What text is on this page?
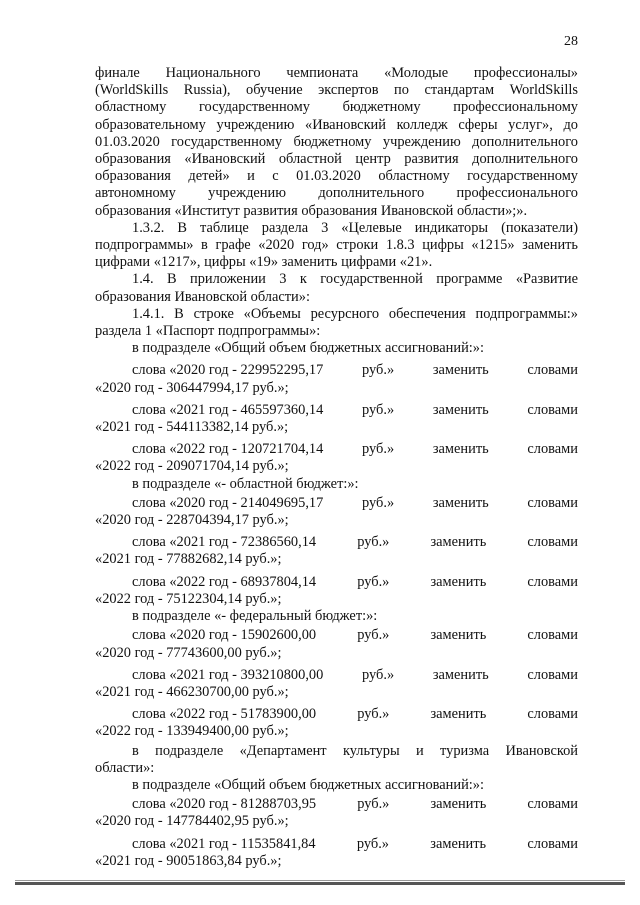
28
финале Национального чемпионата «Молодые профессионалы»
(WorldSkills Russia), обучение экспертов по стандартам WorldSkills
областному государственному бюджетному профессиональному
образовательному учреждению «Ивановский колледж сферы услуг», до
01.03.2020 государственному бюджетному учреждению дополнительного
образования «Ивановский областной центр развития дополнительного
образования детей» и с 01.03.2020 областному государственному
автономному учреждению дополнительного профессионального
образования «Институт развития образования Ивановской области»;».
1.3.2. В таблице раздела 3 «Целевые индикаторы (показатели)
подпрограммы» в графе «2020 год» строки 1.8.3 цифры «1215» заменить
цифрами «1217», цифры «19» заменить цифрами «21».
1.4. В приложении 3 к государственной программе «Развитие
образования Ивановской области»:
1.4.1. В строке «Объемы ресурсного обеспечения подпрограммы:»
раздела 1 «Паспорт подпрограммы»:
в подразделе «Общий объем бюджетных ассигнований:»:
слова «2020 год - 229952295,17	руб.»	заменить	словами
«2020 год - 306447994,17 руб.»;
слова «2021 год - 465597360,14	руб.»	заменить	словами
«2021 год - 544113382,14 руб.»;
слова «2022 год - 120721704,14	руб.»	заменить	словами
«2022 год - 209071704,14 руб.»;
в подразделе «- областной бюджет:»:
слова «2020 год - 214049695,17	руб.»	заменить	словами
«2020 год - 228704394,17 руб.»;
слова «2021 год - 72386560,14	руб.»	заменить	словами
«2021 год - 77882682,14 руб.»;
слова «2022 год - 68937804,14	руб.»	заменить	словами
«2022 год - 75122304,14 руб.»;
в подразделе «- федеральный бюджет:»:
слова «2020 год - 15902600,00	руб.»	заменить	словами
«2020 год - 77743600,00 руб.»;
слова «2021 год - 393210800,00	руб.»	заменить	словами
«2021 год - 466230700,00 руб.»;
слова «2022 год - 51783900,00	руб.»	заменить	словами
«2022 год - 133949400,00 руб.»;
в подразделе «Департамент культуры и туризма Ивановской
области»:
в подразделе «Общий объем бюджетных ассигнований:»:
слова «2020 год - 81288703,95	руб.»	заменить	словами
«2020 год - 147784402,95 руб.»;
слова «2021 год - 11535841,84	руб.»	заменить	словами
«2021 год - 90051863,84 руб.»;
